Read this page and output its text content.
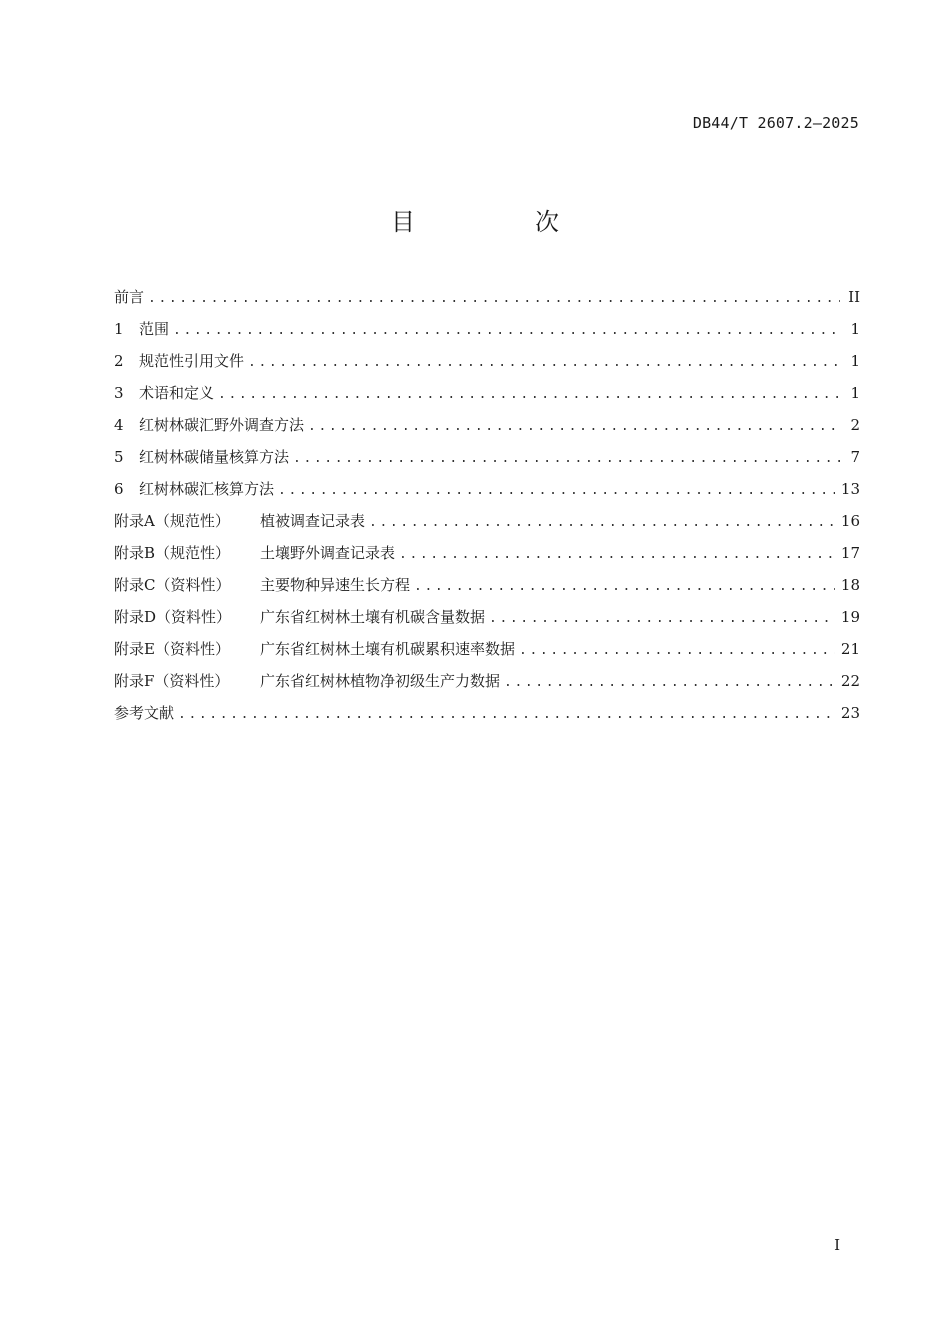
DB44/T 2607.2—2025
目　次
前言 .....	II
1	范围 .....	1
2	规范性引用文件 .....	1
3	术语和定义 .....	1
4	红树林碳汇野外调查方法 .....	2
5	红树林碳储量核算方法 .....	7
6	红树林碳汇核算方法 .....	13
附录A（规范性）	植被调查记录表 .....	16
附录B（规范性）	土壤野外调查记录表 .....	17
附录C（资料性）	主要物种异速生长方程 .....	18
附录D（资料性）	广东省红树林土壤有机碳含量数据 .....	19
附录E（资料性）	广东省红树林土壤有机碳累积速率数据 .....	21
附录F（资料性）	广东省红树林植物净初级生产力数据 .....	22
参考文献 .....	23
I
